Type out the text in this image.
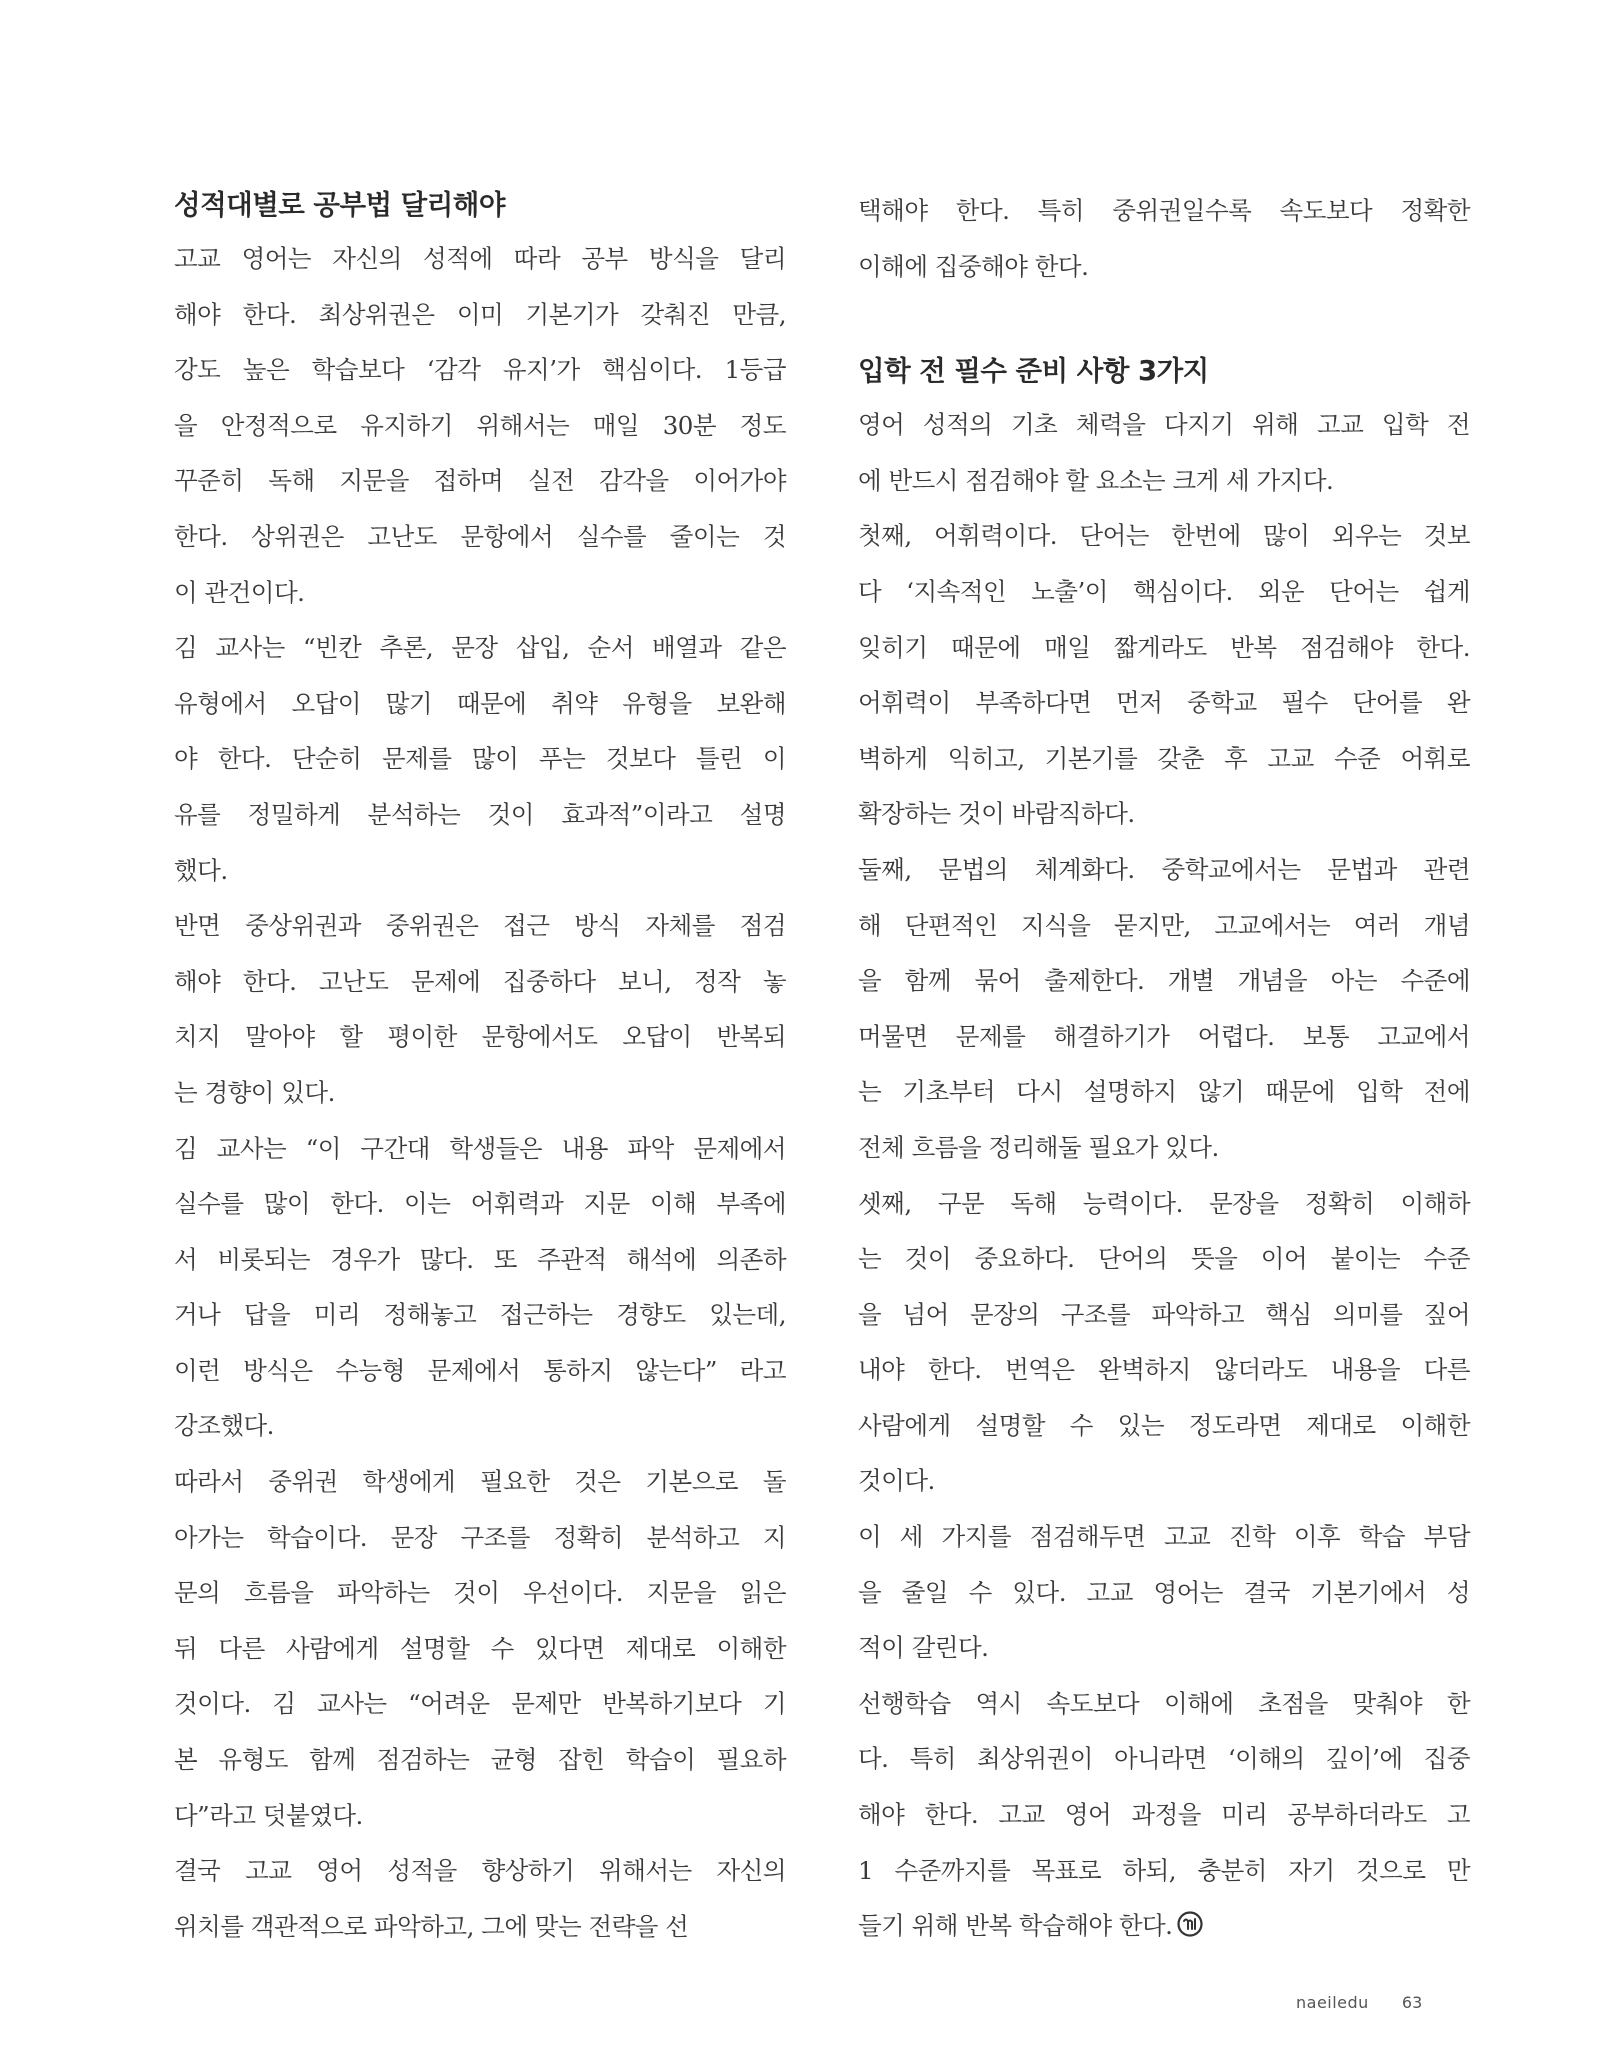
성적대별로 공부법 달리해야

고교 영어는 자신의 성적에 따라 공부 방식을 달리

해야 한다. 최상위권은 이미 기본기가 갖춰진 만큼,

강도 높은 학습보다 ‘감각 유지’가 핵심이다. 1등급

을 안정적으로 유지하기 위해서는 매일 30분 정도

꾸준히 독해 지문을 접하며 실전 감각을 이어가야

한다. 상위권은 고난도 문항에서 실수를 줄이는 것

이 관건이다.

김 교사는 “빈칸 추론, 문장 삽입, 순서 배열과 같은

유형에서 오답이 많기 때문에 취약 유형을 보완해

야 한다. 단순히 문제를 많이 푸는 것보다 틀린 이

유를 정밀하게 분석하는 것이 효과적”이라고 설명

했다.

반면 중상위권과 중위권은 접근 방식 자체를 점검

해야 한다. 고난도 문제에 집중하다 보니, 정작 놓

치지 말아야 할 평이한 문항에서도 오답이 반복되

는 경향이 있다.

김 교사는 “이 구간대 학생들은 내용 파악 문제에서

실수를 많이 한다. 이는 어휘력과 지문 이해 부족에

서 비롯되는 경우가 많다. 또 주관적 해석에 의존하

거나 답을 미리 정해놓고 접근하는 경향도 있는데,

이런 방식은 수능형 문제에서 통하지 않는다” 라고

강조했다.

따라서 중위권 학생에게 필요한 것은 기본으로 돌

아가는 학습이다. 문장 구조를 정확히 분석하고 지

문의 흐름을 파악하는 것이 우선이다. 지문을 읽은

뒤 다른 사람에게 설명할 수 있다면 제대로 이해한

것이다. 김 교사는 “어려운 문제만 반복하기보다 기

본 유형도 함께 점검하는 균형 잡힌 학습이 필요하

다”라고 덧붙였다.

결국 고교 영어 성적을 향상하기 위해서는 자신의

위치를 객관적으로 파악하고, 그에 맞는 전략을 선

택해야 한다. 특히 중위권일수록 속도보다 정확한

이해에 집중해야 한다.

입학 전 필수 준비 사항 3가지

영어 성적의 기초 체력을 다지기 위해 고교 입학 전

에 반드시 점검해야 할 요소는 크게 세 가지다.

첫째, 어휘력이다. 단어는 한번에 많이 외우는 것보

다 ‘지속적인 노출’이 핵심이다. 외운 단어는 쉽게

잊히기 때문에 매일 짧게라도 반복 점검해야 한다.

어휘력이 부족하다면 먼저 중학교 필수 단어를 완

벽하게 익히고, 기본기를 갖춘 후 고교 수준 어휘로

확장하는 것이 바람직하다.

둘째, 문법의 체계화다. 중학교에서는 문법과 관련

해 단편적인 지식을 묻지만, 고교에서는 여러 개념

을 함께 묶어 출제한다. 개별 개념을 아는 수준에

머물면 문제를 해결하기가 어렵다. 보통 고교에서

는 기초부터 다시 설명하지 않기 때문에 입학 전에

전체 흐름을 정리해둘 필요가 있다.

셋째, 구문 독해 능력이다. 문장을 정확히 이해하

는 것이 중요하다. 단어의 뜻을 이어 붙이는 수준

을 넘어 문장의 구조를 파악하고 핵심 의미를 짚어

내야 한다. 번역은 완벽하지 않더라도 내용을 다른

사람에게 설명할 수 있는 정도라면 제대로 이해한

것이다.

이 세 가지를 점검해두면 고교 진학 이후 학습 부담

을 줄일 수 있다. 고교 영어는 결국 기본기에서 성

적이 갈린다.

선행학습 역시 속도보다 이해에 초점을 맞춰야 한

다. 특히 최상위권이 아니라면 ‘이해의 깊이’에 집중

해야 한다. 고교 영어 과정을 미리 공부하더라도 고

1 수준까지를 목표로 하되, 충분히 자기 것으로 만

들기 위해 반복 학습해야 한다.

naeiledu 63
